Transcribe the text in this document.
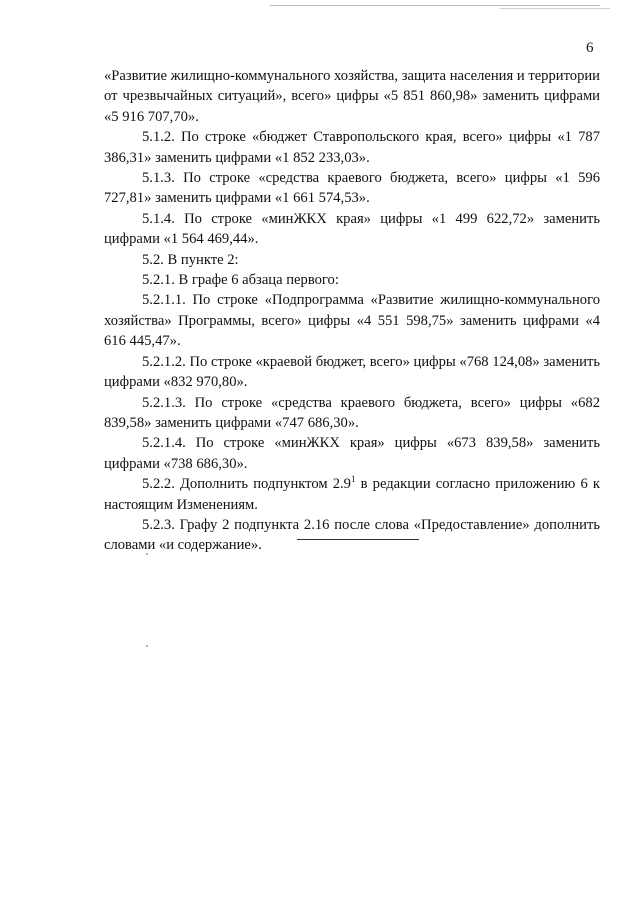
6

«Развитие жилищно-коммунального хозяйства, защита населения и территории от чрезвычайных ситуаций», всего» цифры «5 851 860,98» заменить цифрами «5 916 707,70».

5.1.2. По строке «бюджет Ставропольского края, всего» цифры «1 787 386,31» заменить цифрами «1 852 233,03».

5.1.3. По строке «средства краевого бюджета, всего» цифры «1 596 727,81» заменить цифрами «1 661 574,53».

5.1.4. По строке «минЖКХ края» цифры «1 499 622,72» заменить цифрами «1 564 469,44».

5.2. В пункте 2:

5.2.1. В графе 6 абзаца первого:

5.2.1.1. По строке «Подпрограмма «Развитие жилищно-коммунального хозяйства» Программы, всего» цифры «4 551 598,75» заменить цифрами «4 616 445,47».

5.2.1.2. По строке «краевой бюджет, всего» цифры «768 124,08» заменить цифрами «832 970,80».

5.2.1.3. По строке «средства краевого бюджета, всего» цифры «682 839,58» заменить цифрами «747 686,30».

5.2.1.4. По строке «минЖКХ края» цифры «673 839,58» заменить цифрами «738 686,30».

5.2.2. Дополнить подпунктом $2.9^1$ в редакции согласно приложению 6 к настоящим Изменениям.

5.2.3. Графу 2 подпункта 2.16 после слова «Предоставление» дополнить словами «и содержание».
